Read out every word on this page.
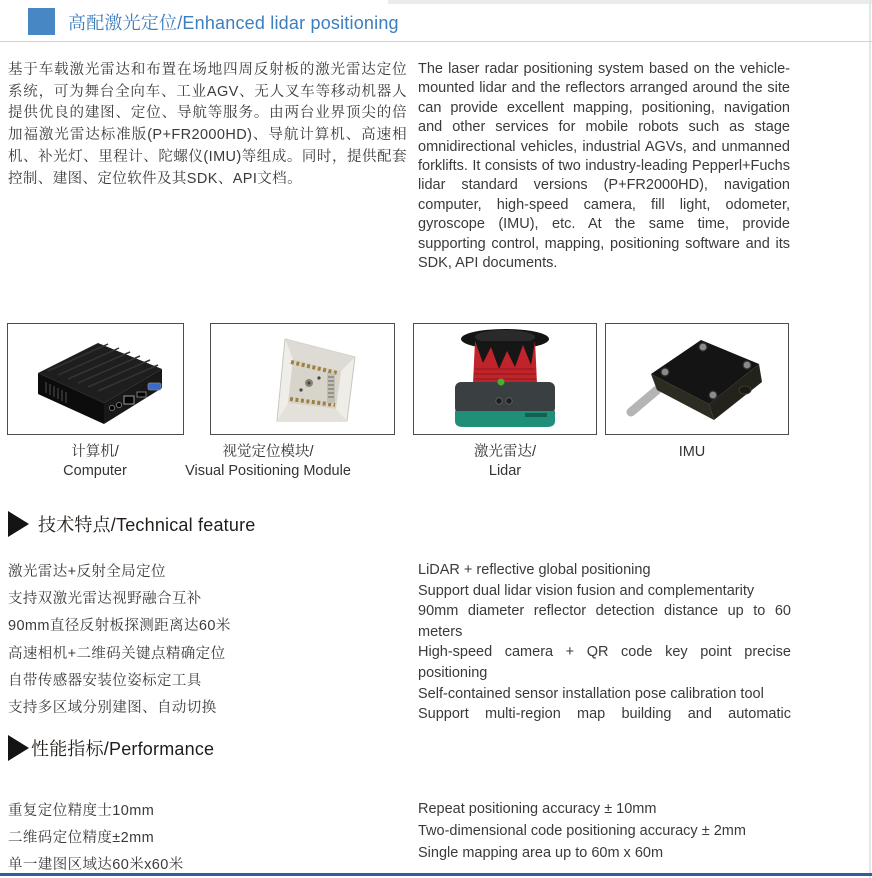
高配激光定位/Enhanced lidar positioning
基于车载激光雷达和布置在场地四周反射板的激光雷达定位系统，可为舞台全向车、工业AGV、无人叉车等移动机器人提供优良的建图、定位、导航等服务。由两台业界顶尖的倍加福激光雷达标准版(P+FR2000HD)、导航计算机、高速相机、补光灯、里程计、陀螺仪(IMU)等组成。同时，提供配套控制、建图、定位软件及其SDK、API文档。
The laser radar positioning system based on the vehicle-mounted lidar and the reflectors arranged around the site can provide excellent mapping, positioning, navigation and other services for mobile robots such as stage omnidirectional vehicles, industrial AGVs, and unmanned forklifts. It consists of two industry-leading Pepperl+Fuchs lidar standard versions (P+FR2000HD), navigation computer, high-speed camera, fill light, odometer, gyroscope (IMU), etc. At the same time, provide supporting control, mapping, positioning software and its SDK, API documents.
计算机/
Computer
视觉定位模块/
Visual Positioning Module
激光雷达/
Lidar
IMU
技术特点/Technical feature
激光雷达+反射全局定位
支持双激光雷达视野融合互补
90mm直径反射板探测距离达60米
高速相机+二维码关键点精确定位
自带传感器安装位姿标定工具
支持多区域分别建图、自动切换

LiDAR + reflective global positioning

Support dual lidar vision fusion and complementarity

90mm diameter reflector detection distance up to 60 meters

High-speed camera + QR code key point precise positioning

Self-contained sensor installation pose calibration tool

Support multi-region map building and automatic

性能指标/Performance
重复定位精度士10mm
二维码定位精度±2mm
单一建图区域达60米x60米
Repeat positioning accuracy ± 10mm
Two-dimensional code positioning accuracy ± 2mm
Single mapping area up to 60m x 60m
